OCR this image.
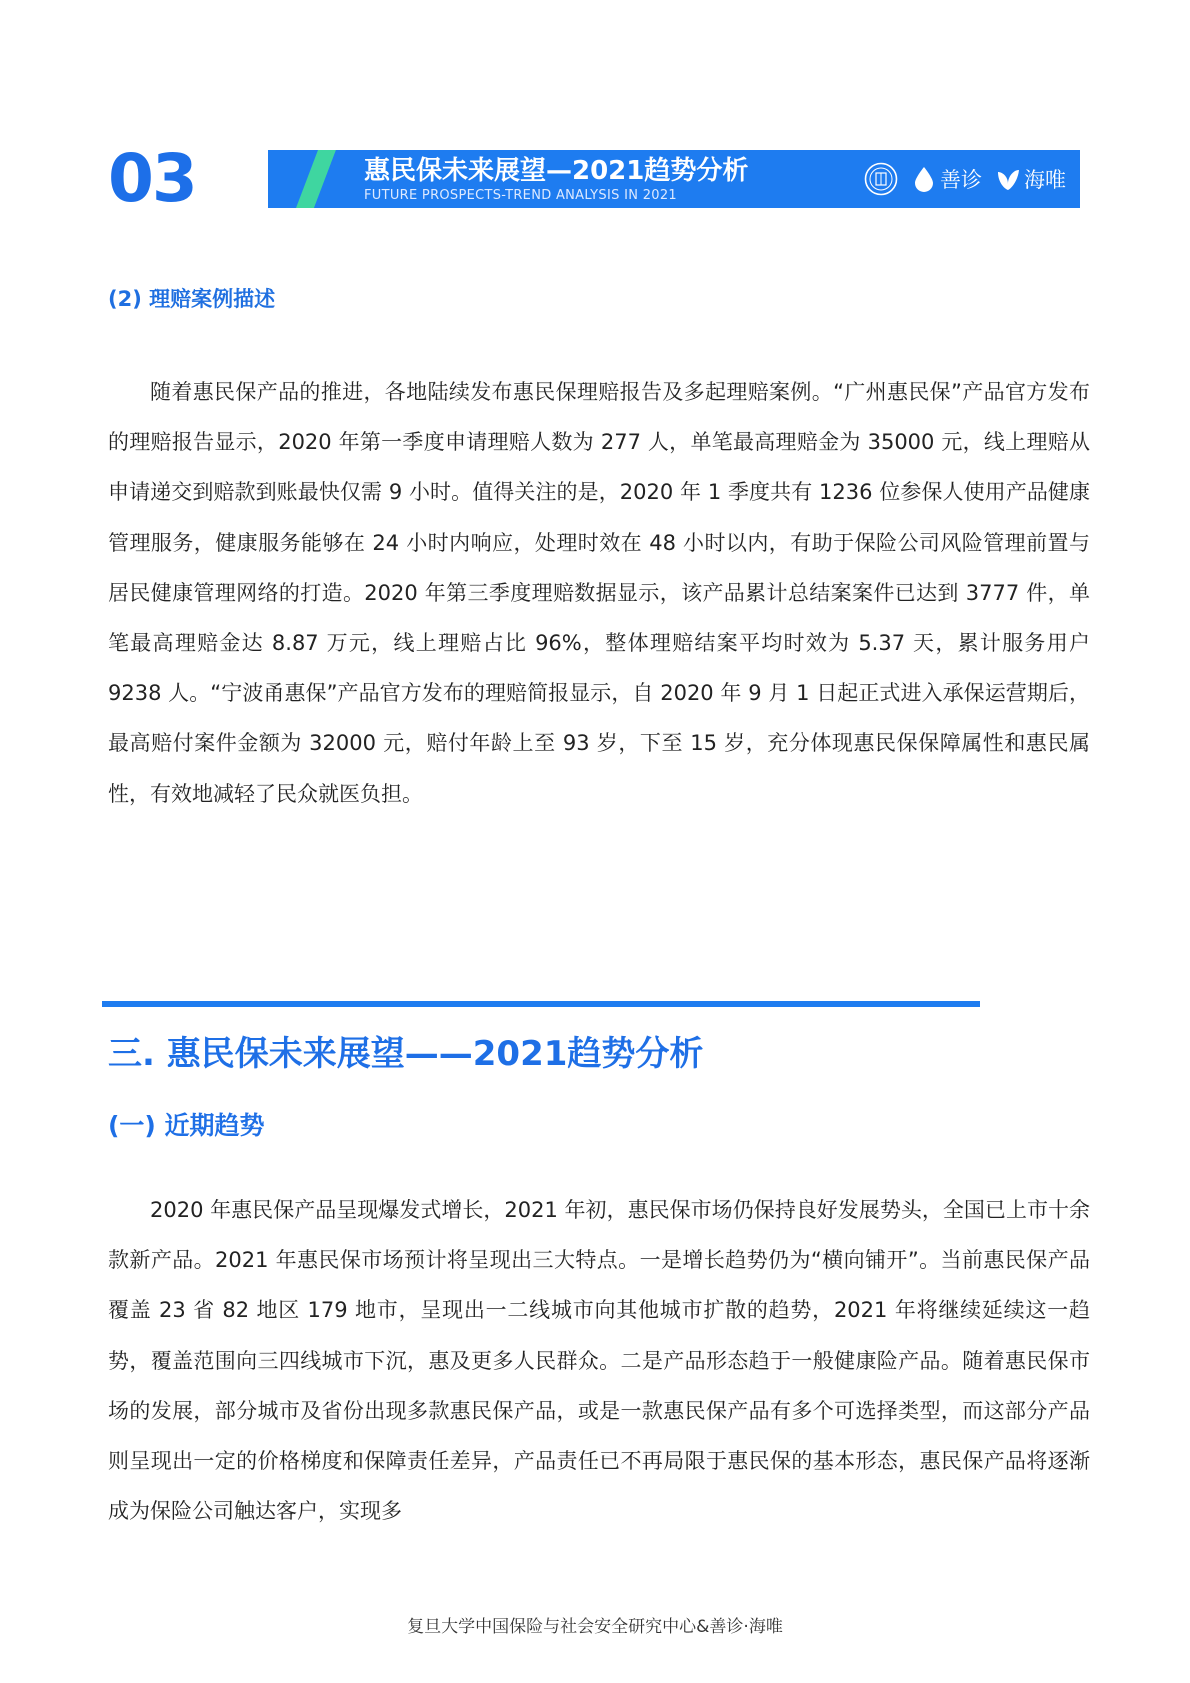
03	惠民保未来展望—2021趋势分析
FUTURE PROSPECTS-TREND ANALYSIS IN 2021
善诊 海唯
(2) 理赔案例描述

随着惠民保产品的推进，各地陆续发布惠民保理赔报告及多起理赔案例。“广州惠民保”产品官方发布的理赔报告显示，2020 年第一季度申请理赔人数为 277 人，单笔最高理赔金为 35000 元，线上理赔从申请递交到赔款到账最快仅需 9 小时。值得关注的是，2020 年 1 季度共有 1236 位参保人使用产品健康管理服务，健康服务能够在 24 小时内响应，处理时效在 48 小时以内，有助于保险公司风险管理前置与居民健康管理网络的打造。2020 年第三季度理赔数据显示，该产品累计总结案案件已达到 3777 件，单笔最高理赔金达 8.87 万元，线上理赔占比 96%，整体理赔结案平均时效为 5.37 天，累计服务用户 9238 人。“宁波甬惠保”产品官方发布的理赔简报显示，自 2020 年 9 月 1 日起正式进入承保运营期后，最高赔付案件金额为 32000 元，赔付年龄上至 93 岁，下至 15 岁，充分体现惠民保保障属性和惠民属性，有效地减轻了民众就医负担。

三. 惠民保未来展望——2021趋势分析
(一) 近期趋势

2020 年惠民保产品呈现爆发式增长，2021 年初，惠民保市场仍保持良好发展势头，全国已上市十余款新产品。2021 年惠民保市场预计将呈现出三大特点。一是增长趋势仍为“横向铺开”。当前惠民保产品覆盖 23 省 82 地区 179 地市，呈现出一二线城市向其他城市扩散的趋势，2021 年将继续延续这一趋势，覆盖范围向三四线城市下沉，惠及更多人民群众。二是产品形态趋于一般健康险产品。随着惠民保市场的发展，部分城市及省份出现多款惠民保产品，或是一款惠民保产品有多个可选择类型，而这部分产品则呈现出一定的价格梯度和保障责任差异，产品责任已不再局限于惠民保的基本形态，惠民保产品将逐渐成为保险公司触达客户，实现多

复旦大学中国保险与社会安全研究中心&善诊·海唯
